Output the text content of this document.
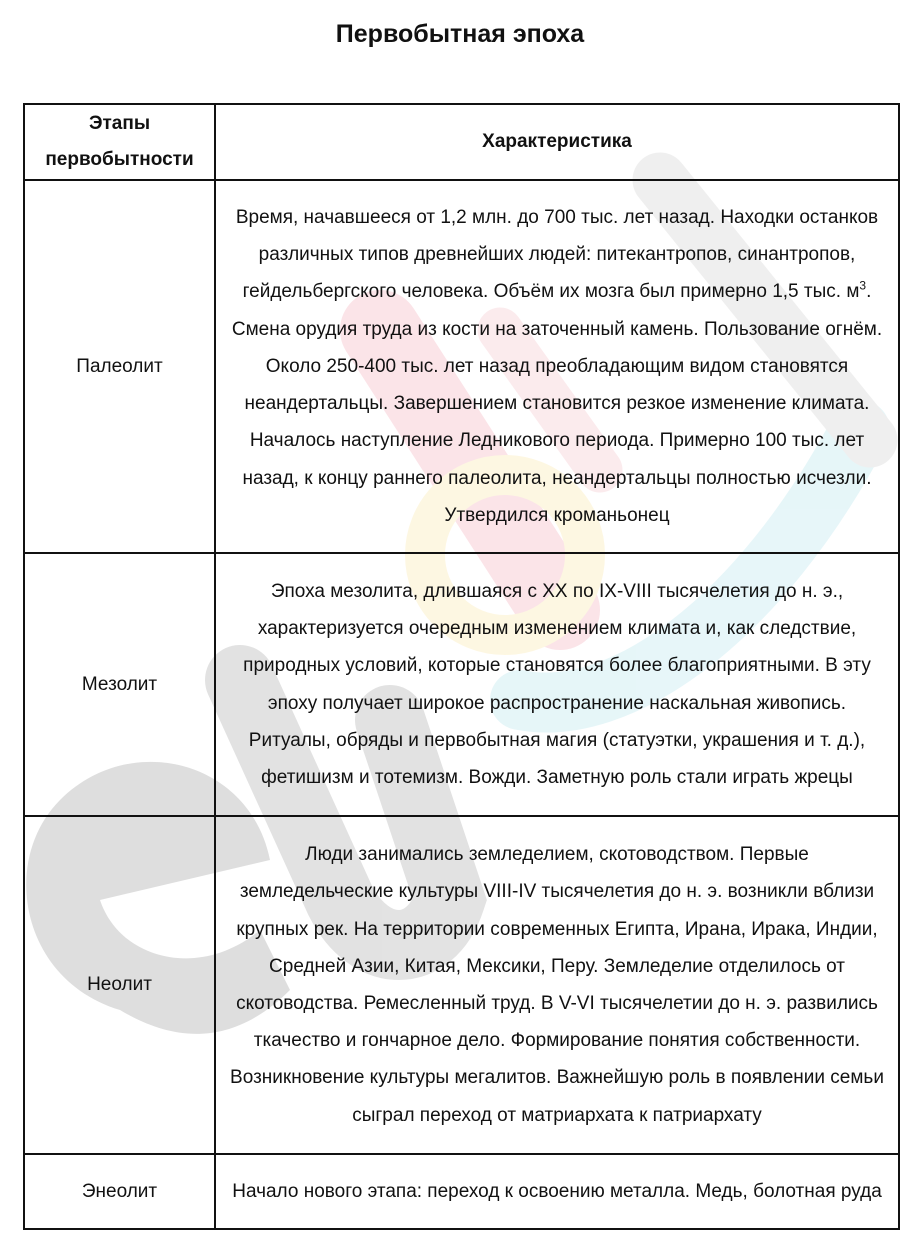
Первобытная эпоха
Этапы первобытности	Характеристика
Палеолит	Время, начавшееся от 1,2 млн. до 700 тыс. лет назад. Находки останков различных типов древнейших людей: питекантропов, синантропов, гейдельбергского человека. Объём их мозга был примерно 1,5 тыс. $м^3$. Смена орудия труда из кости на заточенный камень. Пользование огнём. Около 250-400 тыс. лет назад преобладающим видом становятся неандертальцы. Завершением становится резкое изменение климата. Началось наступление Ледникового периода. Примерно 100 тыс. лет назад, к концу раннего палеолита, неандертальцы полностью исчезли. Утвердился кроманьонец
Мезолит	Эпоха мезолита, длившаяся с XX по IX-VIII тысячелетия до н. э., характеризуется очередным изменением климата и, как следствие, природных условий, которые становятся более благоприятными. В эту эпоху получает широкое распространение наскальная живопись. Ритуалы, обряды и первобытная магия (статуэтки, украшения и т. д.), фетишизм и тотемизм. Вожди. Заметную роль стали играть жрецы
Неолит	Люди занимались земледелием, скотоводством. Первые земледельческие культуры VIII-IV тысячелетия до н. э. возникли вблизи крупных рек. На территории современных Египта, Ирана, Ирака, Индии, Средней Азии, Китая, Мексики, Перу. Земледелие отделилось от скотоводства. Ремесленный труд. В V-VI тысячелетии до н. э. развились ткачество и гончарное дело. Формирование понятия собственности. Возникновение культуры мегалитов. Важнейшую роль в появлении семьи сыграл переход от матриархата к патриархату
Энеолит	Начало нового этапа: переход к освоению металла. Медь, болотная руда
